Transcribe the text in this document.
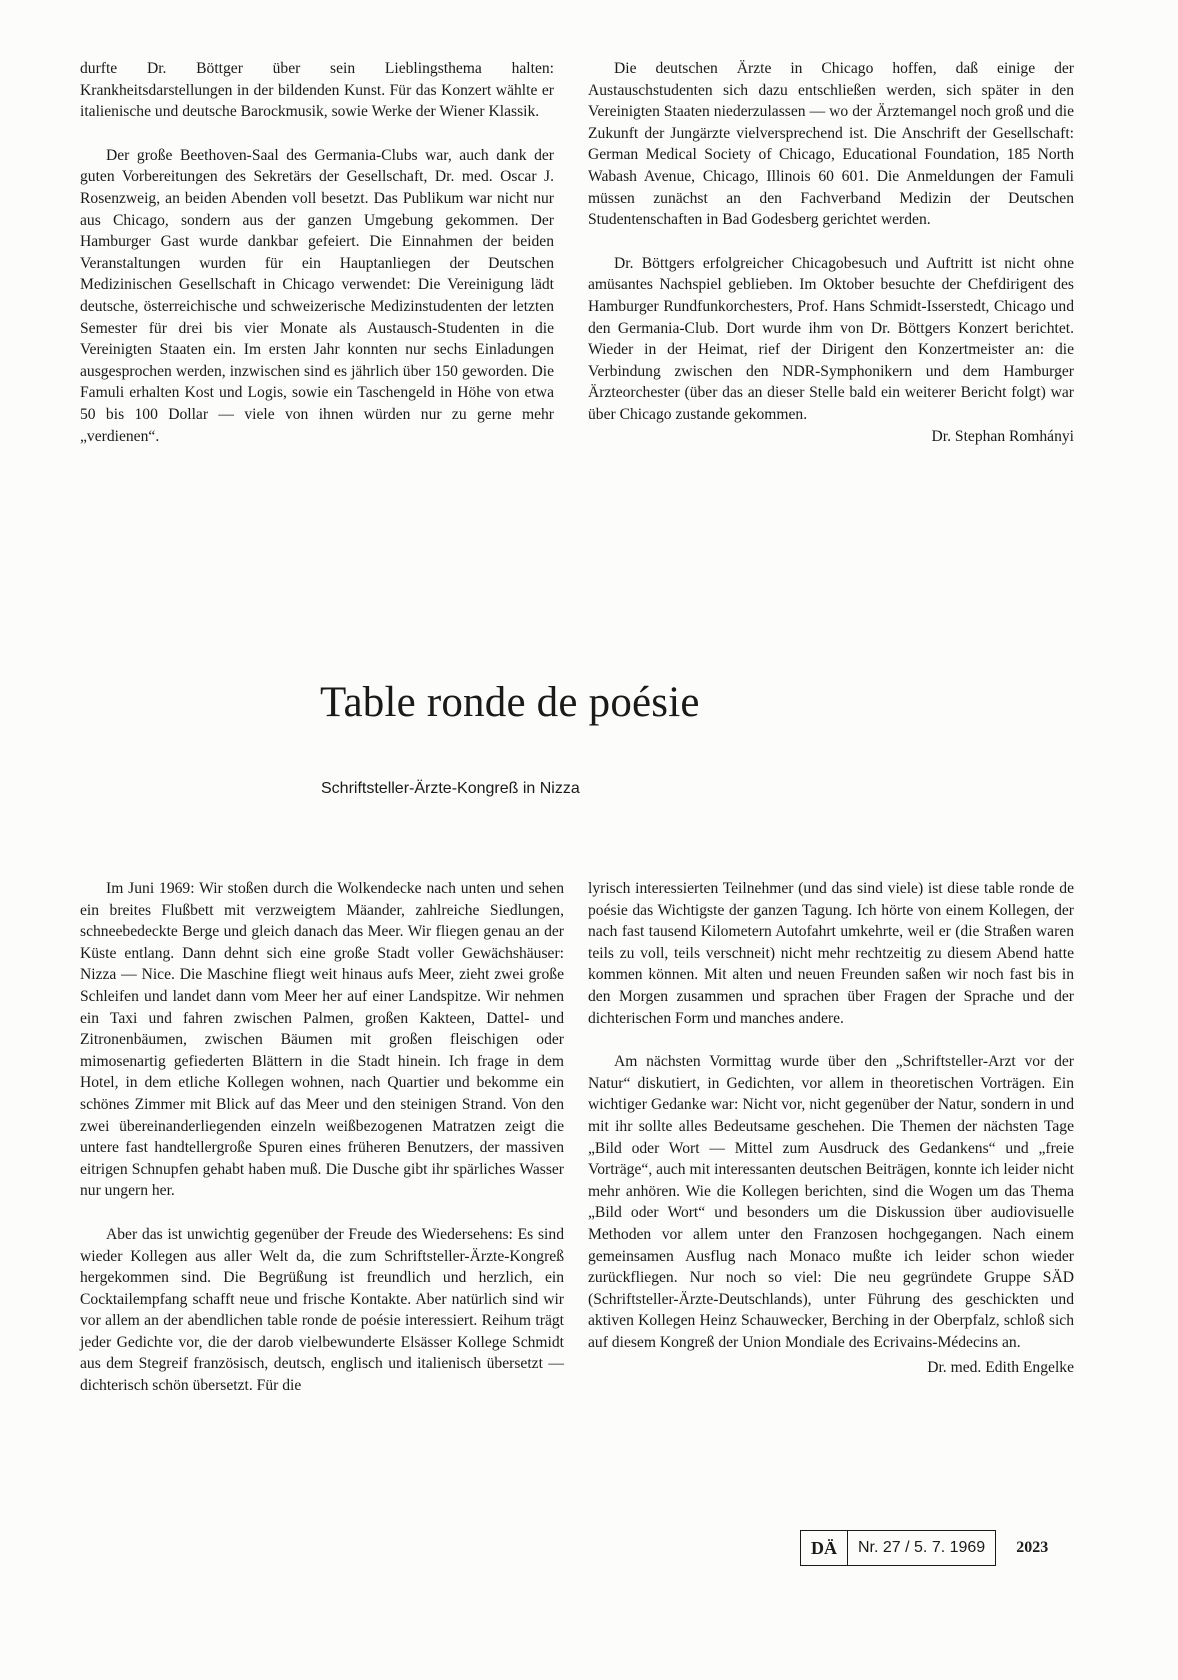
durfte Dr. Böttger über sein Lieblingsthema halten: Krankheitsdarstellungen in der bildenden Kunst. Für das Konzert wählte er italienische und deutsche Barockmusik, sowie Werke der Wiener Klassik.

Der große Beethoven-Saal des Germania-Clubs war, auch dank der guten Vorbereitungen des Sekretärs der Gesellschaft, Dr. med. Oscar J. Rosenzweig, an beiden Abenden voll besetzt. Das Publikum war nicht nur aus Chicago, sondern aus der ganzen Umgebung gekommen. Der Hamburger Gast wurde dankbar gefeiert. Die Einnahmen der beiden Veranstaltungen wurden für ein Hauptanliegen der Deutschen Medizinischen Gesellschaft in Chicago verwendet: Die Vereinigung lädt deutsche, österreichische und schweizerische Medizinstudenten der letzten Semester für drei bis vier Monate als Austausch-Studenten in die Vereinigten Staaten ein. Im ersten Jahr konnten nur sechs Einladungen ausgesprochen werden, inzwischen sind es jährlich über 150 geworden. Die Famuli erhalten Kost und Logis, sowie ein Taschengeld in Höhe von etwa 50 bis 100 Dollar — viele von ihnen würden nur zu gerne mehr „verdienen“.

Die deutschen Ärzte in Chicago hoffen, daß einige der Austauschstudenten sich dazu entschließen werden, sich später in den Vereinigten Staaten niederzulassen — wo der Ärztemangel noch groß und die Zukunft der Jungärzte vielversprechend ist. Die Anschrift der Gesellschaft: German Medical Society of Chicago, Educational Foundation, 185 North Wabash Avenue, Chicago, Illinois 60 601. Die Anmeldungen der Famuli müssen zunächst an den Fachverband Medizin der Deutschen Studentenschaften in Bad Godesberg gerichtet werden.

Dr. Böttgers erfolgreicher Chicagobesuch und Auftritt ist nicht ohne amüsantes Nachspiel geblieben. Im Oktober besuchte der Chefdirigent des Hamburger Rundfunkorchesters, Prof. Hans Schmidt-Isserstedt, Chicago und den Germania-Club. Dort wurde ihm von Dr. Böttgers Konzert berichtet. Wieder in der Heimat, rief der Dirigent den Konzertmeister an: die Verbindung zwischen den NDR-Symphonikern und dem Hamburger Ärzteorchester (über das an dieser Stelle bald ein weiterer Bericht folgt) war über Chicago zustande gekommen.

Dr. Stephan Romhányi
Table ronde de poésie
Schriftsteller-Ärzte-Kongreß in Nizza

Im Juni 1969: Wir stoßen durch die Wolkendecke nach unten und sehen ein breites Flußbett mit verzweigtem Mäander, zahlreiche Siedlungen, schneebedeckte Berge und gleich danach das Meer. Wir fliegen genau an der Küste entlang. Dann dehnt sich eine große Stadt voller Gewächshäuser: Nizza — Nice. Die Maschine fliegt weit hinaus aufs Meer, zieht zwei große Schleifen und landet dann vom Meer her auf einer Landspitze. Wir nehmen ein Taxi und fahren zwischen Palmen, großen Kakteen, Dattel- und Zitronenbäumen, zwischen Bäumen mit großen fleischigen oder mimosenartig gefiederten Blättern in die Stadt hinein. Ich frage in dem Hotel, in dem etliche Kollegen wohnen, nach Quartier und bekomme ein schönes Zimmer mit Blick auf das Meer und den steinigen Strand. Von den zwei übereinanderliegenden einzeln weißbezogenen Matratzen zeigt die untere fast handtellergroße Spuren eines früheren Benutzers, der massiven eitrigen Schnupfen gehabt haben muß. Die Dusche gibt ihr spärliches Wasser nur ungern her.

Aber das ist unwichtig gegenüber der Freude des Wiedersehens: Es sind wieder Kollegen aus aller Welt da, die zum Schriftsteller-Ärzte-Kongreß hergekommen sind. Die Begrüßung ist freundlich und herzlich, ein Cocktailempfang schafft neue und frische Kontakte. Aber natürlich sind wir vor allem an der abendlichen table ronde de poésie interessiert. Reihum trägt jeder Gedichte vor, die der darob vielbewunderte Elsässer Kollege Schmidt aus dem Stegreif französisch, deutsch, englisch und italienisch übersetzt — dichterisch schön übersetzt. Für die

lyrisch interessierten Teilnehmer (und das sind viele) ist diese table ronde de poésie das Wichtigste der ganzen Tagung. Ich hörte von einem Kollegen, der nach fast tausend Kilometern Autofahrt umkehrte, weil er (die Straßen waren teils zu voll, teils verschneit) nicht mehr rechtzeitig zu diesem Abend hatte kommen können. Mit alten und neuen Freunden saßen wir noch fast bis in den Morgen zusammen und sprachen über Fragen der Sprache und der dichterischen Form und manches andere.

Am nächsten Vormittag wurde über den „Schriftsteller-Arzt vor der Natur“ diskutiert, in Gedichten, vor allem in theoretischen Vorträgen. Ein wichtiger Gedanke war: Nicht vor, nicht gegenüber der Natur, sondern in und mit ihr sollte alles Bedeutsame geschehen. Die Themen der nächsten Tage „Bild oder Wort — Mittel zum Ausdruck des Gedankens“ und „freie Vorträge“, auch mit interessanten deutschen Beiträgen, konnte ich leider nicht mehr anhören. Wie die Kollegen berichten, sind die Wogen um das Thema „Bild oder Wort“ und besonders um die Diskussion über audiovisuelle Methoden vor allem unter den Franzosen hochgegangen. Nach einem gemeinsamen Ausflug nach Monaco mußte ich leider schon wieder zurückfliegen. Nur noch so viel: Die neu gegründete Gruppe SÄD (Schriftsteller-Ärzte-Deutschlands), unter Führung des geschickten und aktiven Kollegen Heinz Schauwecker, Berching in der Oberpfalz, schloß sich auf diesem Kongreß der Union Mondiale des Ecrivains-Médecins an.

Dr. med. Edith Engelke
DÄ	Nr. 27 / 5. 7. 1969	2023
